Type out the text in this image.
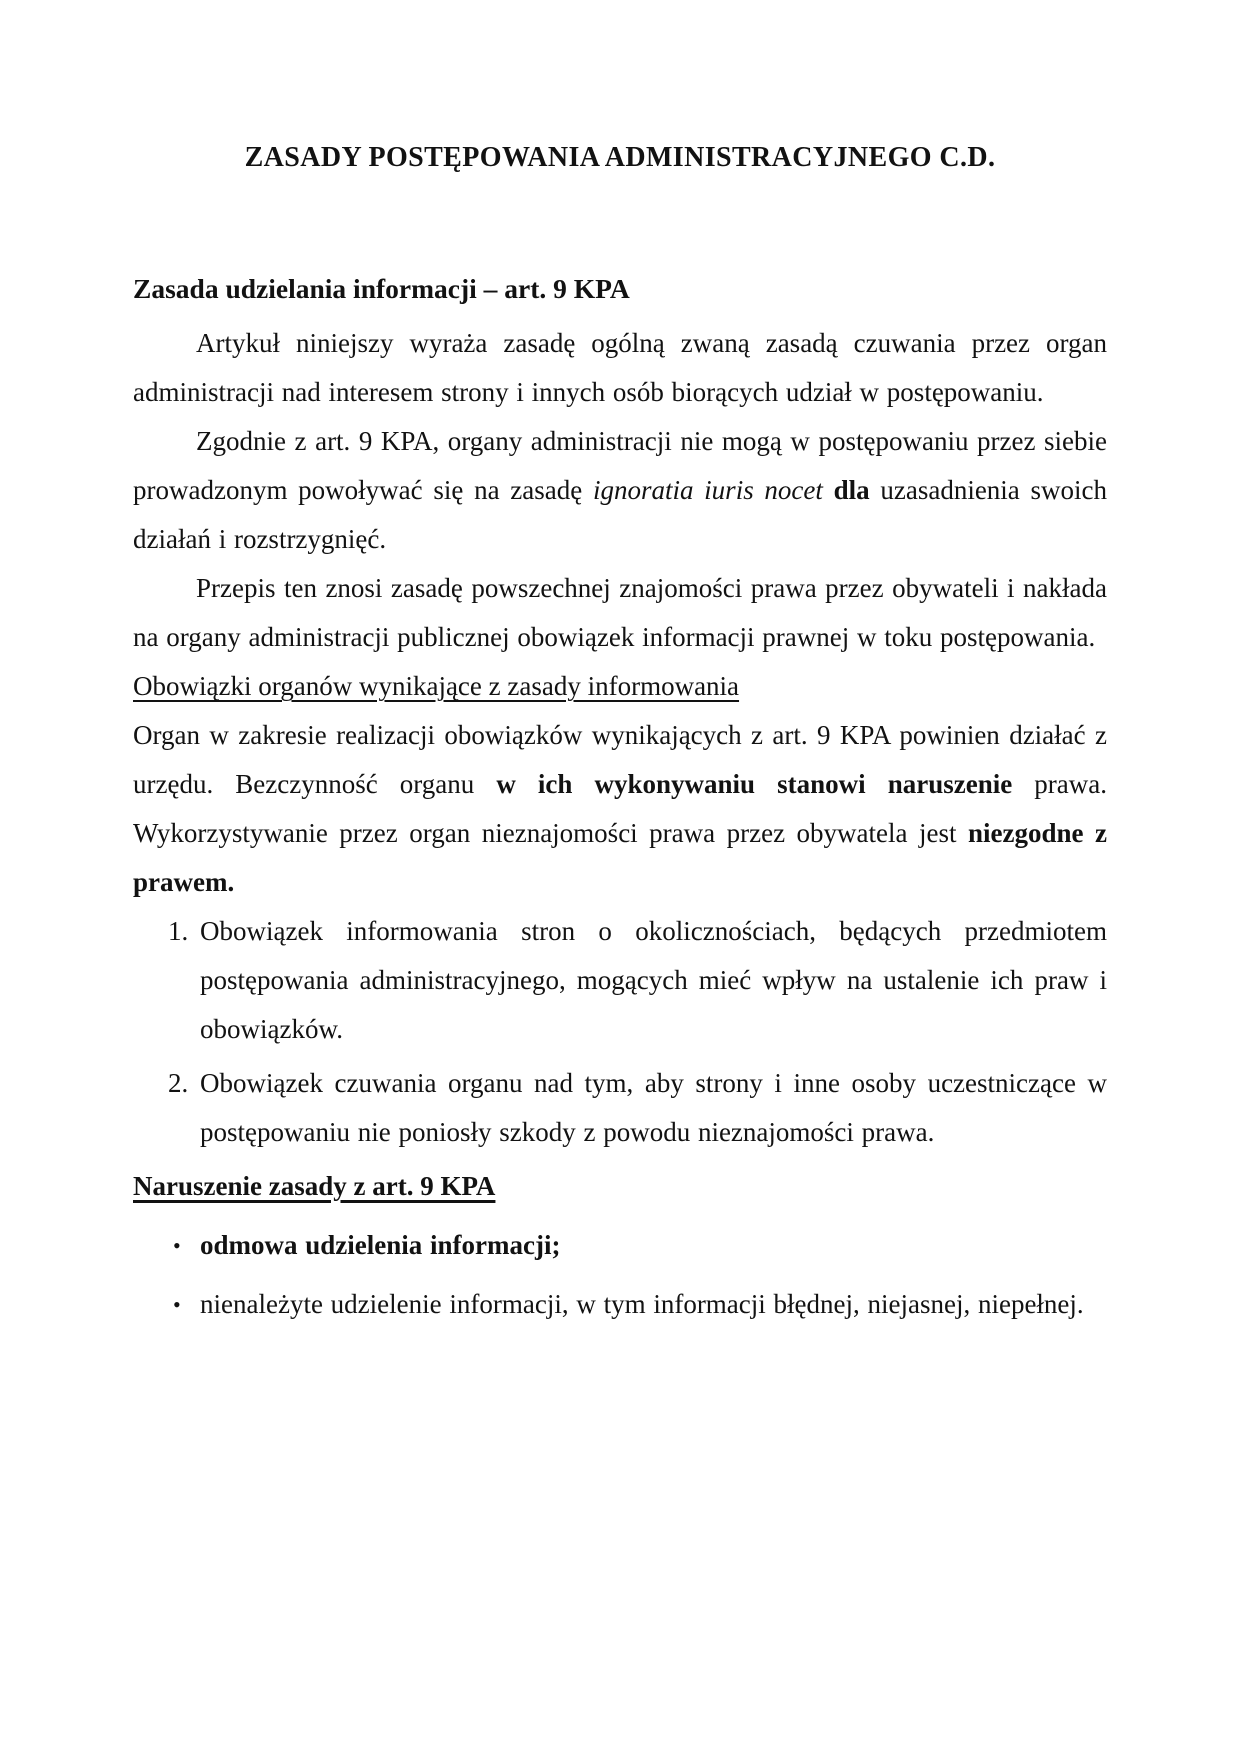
ZASADY POSTĘPOWANIA ADMINISTRACYJNEGO C.D.
Zasada udzielania informacji – art. 9 KPA

Artykuł niniejszy wyraża zasadę ogólną zwaną zasadą czuwania przez organ administracji nad interesem strony i innych osób biorących udział w postępowaniu.

Zgodnie z art. 9 KPA, organy administracji nie mogą w postępowaniu przez siebie prowadzonym powoływać się na zasadę ignoratia iuris nocet dla uzasadnienia swoich działań i rozstrzygnięć.

Przepis ten znosi zasadę powszechnej znajomości prawa przez obywateli i nakłada na organy administracji publicznej obowiązek informacji prawnej w toku postępowania.

Obowiązki organów wynikające z zasady informowania

Organ w zakresie realizacji obowiązków wynikających z art. 9 KPA powinien działać z urzędu. Bezczynność organu w ich wykonywaniu stanowi naruszenie prawa. Wykorzystywanie przez organ nieznajomości prawa przez obywatela jest niezgodne z prawem.

1. Obowiązek informowania stron o okolicznościach, będących przedmiotem postępowania administracyjnego, mogących mieć wpływ na ustalenie ich praw i obowiązków.
2. Obowiązek czuwania organu nad tym, aby strony i inne osoby uczestniczące w postępowaniu nie poniosły szkody z powodu nieznajomości prawa.
Naruszenie zasady z art. 9 KPA
• odmowa udzielenia informacji;
• nienależyte udzielenie informacji, w tym informacji błędnej, niejasnej, niepełnej.
